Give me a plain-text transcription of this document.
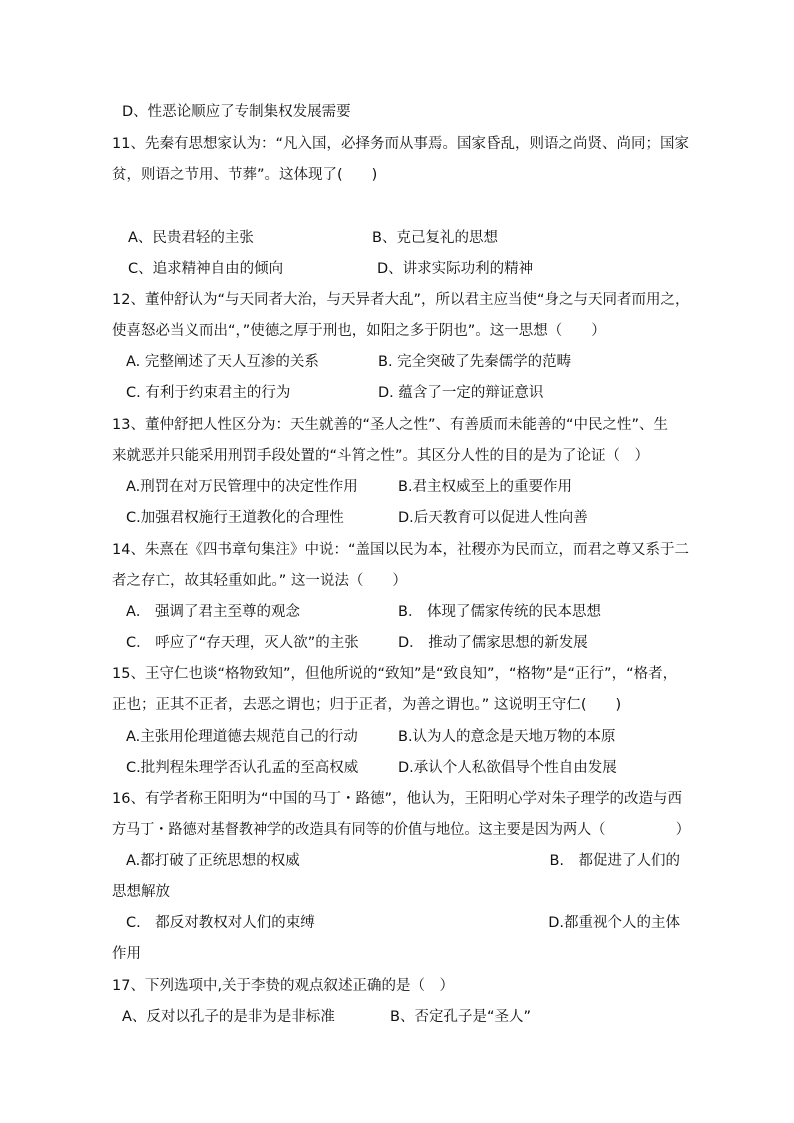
D、性恶论顺应了专制集权发展需要
11、先秦有思想家认为：“凡入国，必择务而从事焉。国家昏乱，则语之尚贤、尚同；国家
贫，则语之节用、节葬”。这体现了(　　)
A、民贵君轻的主张	B、克己复礼的思想
C、追求精神自由的倾向	D、讲求实际功利的精神
12、董仲舒认为“与天同者大治，与天异者大乱”，所以君主应当使“身之与天同者而用之，
使喜怒必当义而出“，”使德之厚于刑也，如阳之多于阴也”。这一思想（　　）
A. 完整阐述了天人互渗的关系	B. 完全突破了先秦儒学的范畴
C. 有利于约束君主的行为	D. 蕴含了一定的辩证意识
13、董仲舒把人性区分为：天生就善的“圣人之性”、有善质而未能善的“中民之性”、生
来就恶并只能采用刑罚手段处置的“斗筲之性”。其区分人性的目的是为了论证（　）
A.刑罚在对万民管理中的决定性作用	B.君主权威至上的重要作用
C.加强君权施行王道教化的合理性	D.后天教育可以促进人性向善
14、朱熹在《四书章句集注》中说：“盖国以民为本，社稷亦为民而立，而君之尊又系于二
者之存亡，故其轻重如此。” 这一说法（　　）
A． 强调了君主至尊的观念	B． 体现了儒家传统的民本思想
C． 呼应了“存天理，灭人欲”的主张	D． 推动了儒家思想的新发展
15、王守仁也谈“格物致知”，但他所说的“致知”是“致良知”，“格物”是“正行”，“格者，
正也；正其不正者，去恶之谓也；归于正者，为善之谓也。” 这说明王守仁(　　)
A.主张用伦理道德去规范自己的行动	B.认为人的意念是天地万物的本原
C.批判程朱理学否认孔孟的至高权威	D.承认个人私欲倡导个性自由发展
16、有学者称王阳明为“中国的马丁・路德”，他认为，王阳明心学对朱子理学的改造与西
方马丁・路德对基督教神学的改造具有同等的价值与地位。这主要是因为两人（　　　　　）
A.都打破了正统思想的权威	B.　都促进了人们的
思想解放
C.　都反对教权对人们的束缚	D.都重视个人的主体
作用
17、下列选项中,关于李贽的观点叙述正确的是（　）
A、反对以孔子的是非为是非标准	B、否定孔子是“圣人”
